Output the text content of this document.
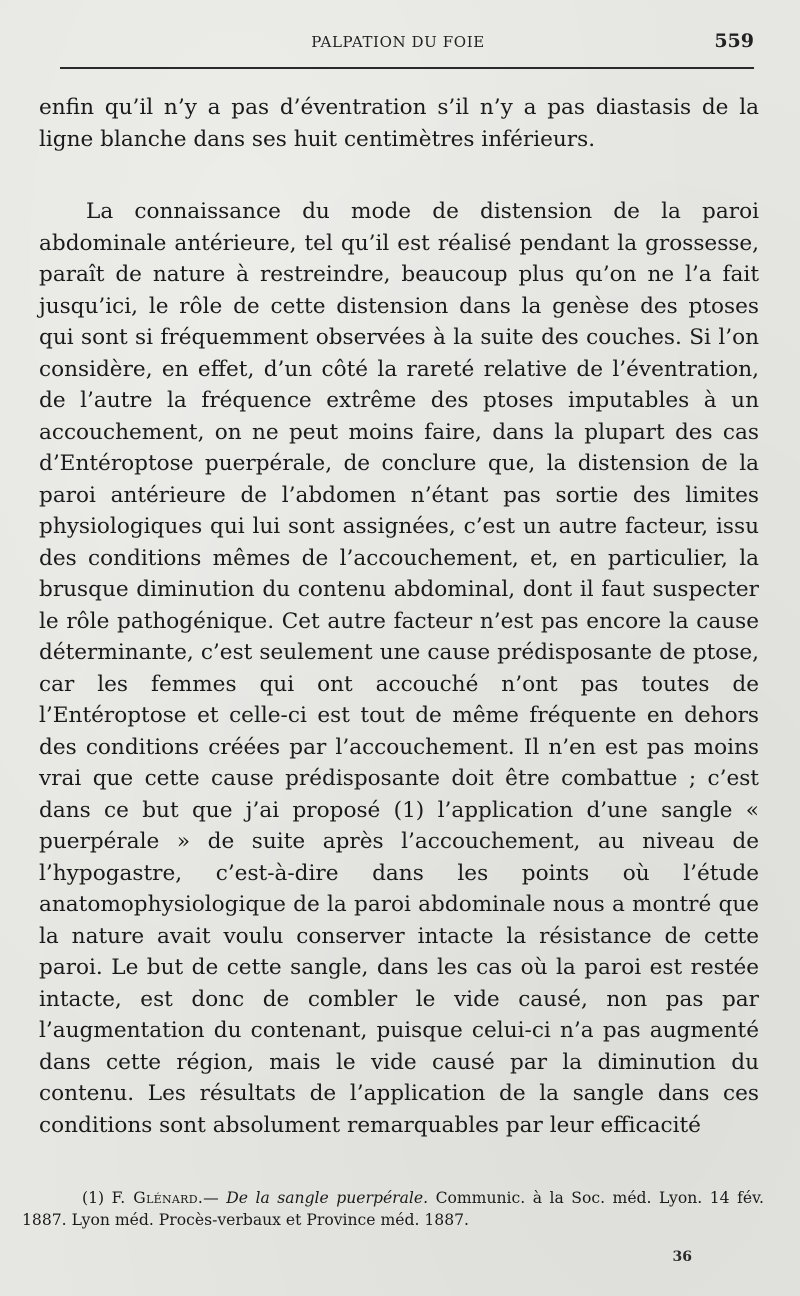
PALPATION DU FOIE	559

enfin qu’il n’y a pas d’éventration s’il n’y a pas diastasis de la ligne blanche dans ses huit centimètres inférieurs.

La connaissance du mode de distension de la paroi abdominale antérieure, tel qu’il est réalisé pendant la grossesse, paraît de nature à restreindre, beaucoup plus qu’on ne l’a fait jusqu’ici, le rôle de cette distension dans la genèse des ptoses qui sont si fréquemment observées à la suite des couches. Si l’on considère, en effet, d’un côté la rareté relative de l’éventration, de l’autre la fréquence extrême des ptoses imputables à un accouchement, on ne peut moins faire, dans la plupart des cas d’Entéroptose puerpérale, de conclure que, la distension de la paroi antérieure de l’abdomen n’étant pas sortie des limites physiologiques qui lui sont assignées, c’est un autre facteur, issu des conditions mêmes de l’accouchement, et, en particulier, la brusque diminution du contenu abdominal, dont il faut suspecter le rôle pathogénique. Cet autre facteur n’est pas encore la cause déterminante, c’est seulement une cause prédisposante de ptose, car les femmes qui ont accouché n’ont pas toutes de l’Entéroptose et celle-ci est tout de même fréquente en dehors des conditions créées par l’accouchement. Il n’en est pas moins vrai que cette cause prédisposante doit être combattue ; c’est dans ce but que j’ai proposé (1) l’application d’une sangle « puerpérale » de suite après l’accouchement, au niveau de l’hypogastre, c’est-à-dire dans les points où l’étude anatomophysiologique de la paroi abdominale nous a montré que la nature avait voulu conserver intacte la résistance de cette paroi. Le but de cette sangle, dans les cas où la paroi est restée intacte, est donc de combler le vide causé, non pas par l’augmentation du contenant, puisque celui-ci n’a pas augmenté dans cette région, mais le vide causé par la diminution du contenu. Les résultats de l’application de la sangle dans ces conditions sont absolument remarquables par leur efficacité

(1) F. Glénard.— De la sangle puerpérale. Communic. à la Soc. méd. Lyon. 14 fév. 1887. Lyon méd. Procès-verbaux et Province méd. 1887.

36
